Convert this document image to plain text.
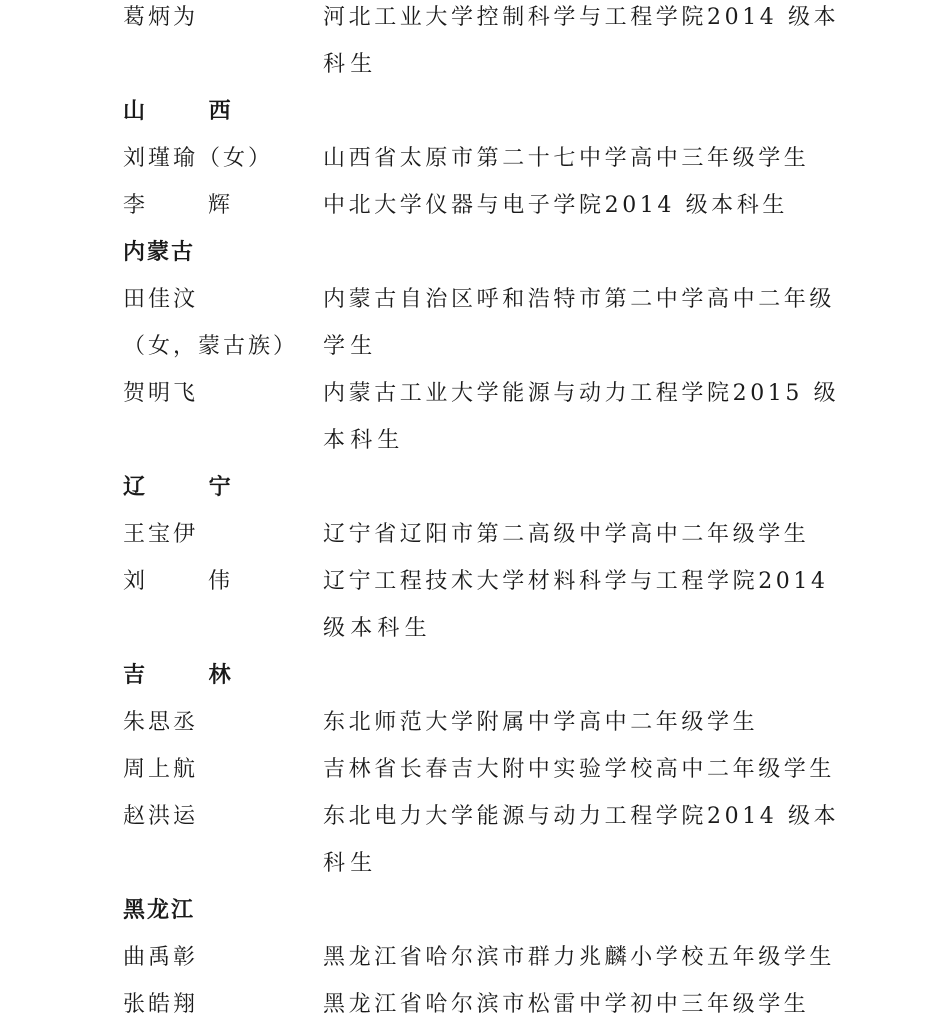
葛炳为	河北工业大学控制科学与工程学院2014 级本
科生
山 西
刘瑾瑜（女） 山西省太原市第二十七中学高中三年级学生
李 辉	中北大学仪器与电子学院2014 级本科生
内蒙古
田佳汶	内蒙古自治区呼和浩特市第二中学高中二年级
（女，蒙古族） 学生
贺明飞	内蒙古工业大学能源与动力工程学院2015 级
本科生
辽 宁
王宝伊	辽宁省辽阳市第二高级中学高中二年级学生
刘 伟	辽宁工程技术大学材料科学与工程学院2014
级本科生
吉 林
朱思丞	东北师范大学附属中学高中二年级学生
周上航	吉林省长春吉大附中实验学校高中二年级学生
赵洪运	东北电力大学能源与动力工程学院2014 级本
科生
黑龙江
曲禹彰	黑龙江省哈尔滨市群力兆麟小学校五年级学生
张皓翔	黑龙江省哈尔滨市松雷中学初中三年级学生
